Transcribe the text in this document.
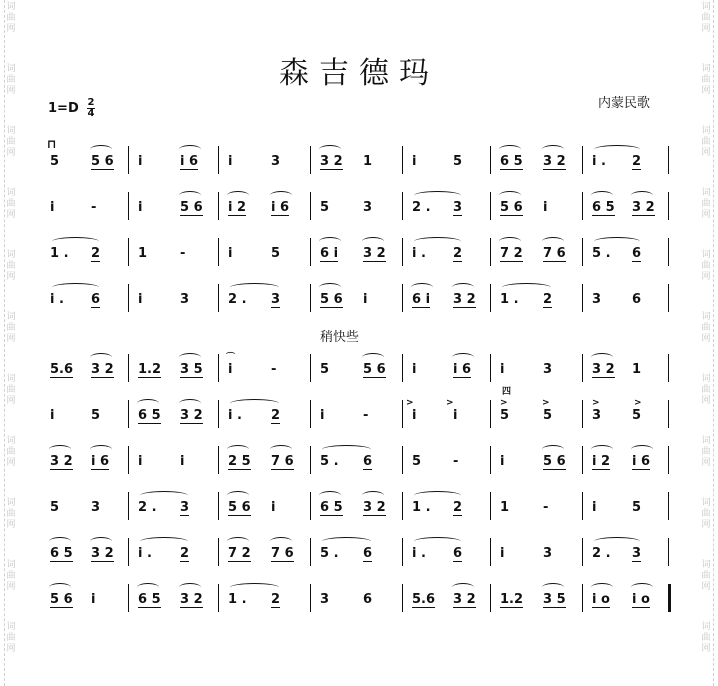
森吉德玛
内蒙民歌
1=D 2
4
⊓
稍快些
5 5 6 i	i 6 i	3	3 2 1	i	5	6 5 3 2 i . 2
i	-	i	5 6 i 2 i 6 5	3	2 . 3	5 6 i	6 5 3 2
1 . 2	1	-	i	5	6 i 3 2 i . 2	7 2 7 6 5 . 6
i . 6	i	3	2 . 3	5 6 i	6 i 3 2 1 . 2	3 6
5.6 3 2 1.2 3 5 i	-	5	5 6 i	i 6 i	3	3 2 1
⌒
i	5	6 5 3 2 i . 2	i	-	i	i	5	5	3 5
>	>	>	>	>	>
四
3 2 i 6 i	i	2 5 7 6 5 . 6	5 -	i	5 6 i 2 i 6
5 3	2 . 3	5 6 i	6 5 3 2 1 . 2	1	-	i	5
6 5 3 2 i . 2	7 2 7 6 5 . 6	i . 6	i	3	2 . 3
5 6 i	6 5 3 2 1 . 2	3	6	5.6 3 2 1.2 3 5 i o i o
词
曲
网
词
曲
网
词
曲
网
词
曲
网
词
曲
网
词
曲
网
词
曲
网
词
曲
网
词
曲
网
词
曲
网
词
曲
网
词
曲
网
词
曲
网
词
曲
网
词
曲
网
词
曲
网
词
曲
网
词
曲
网
词
曲
网
词
曲
网
词
曲
网
词
曲
网
